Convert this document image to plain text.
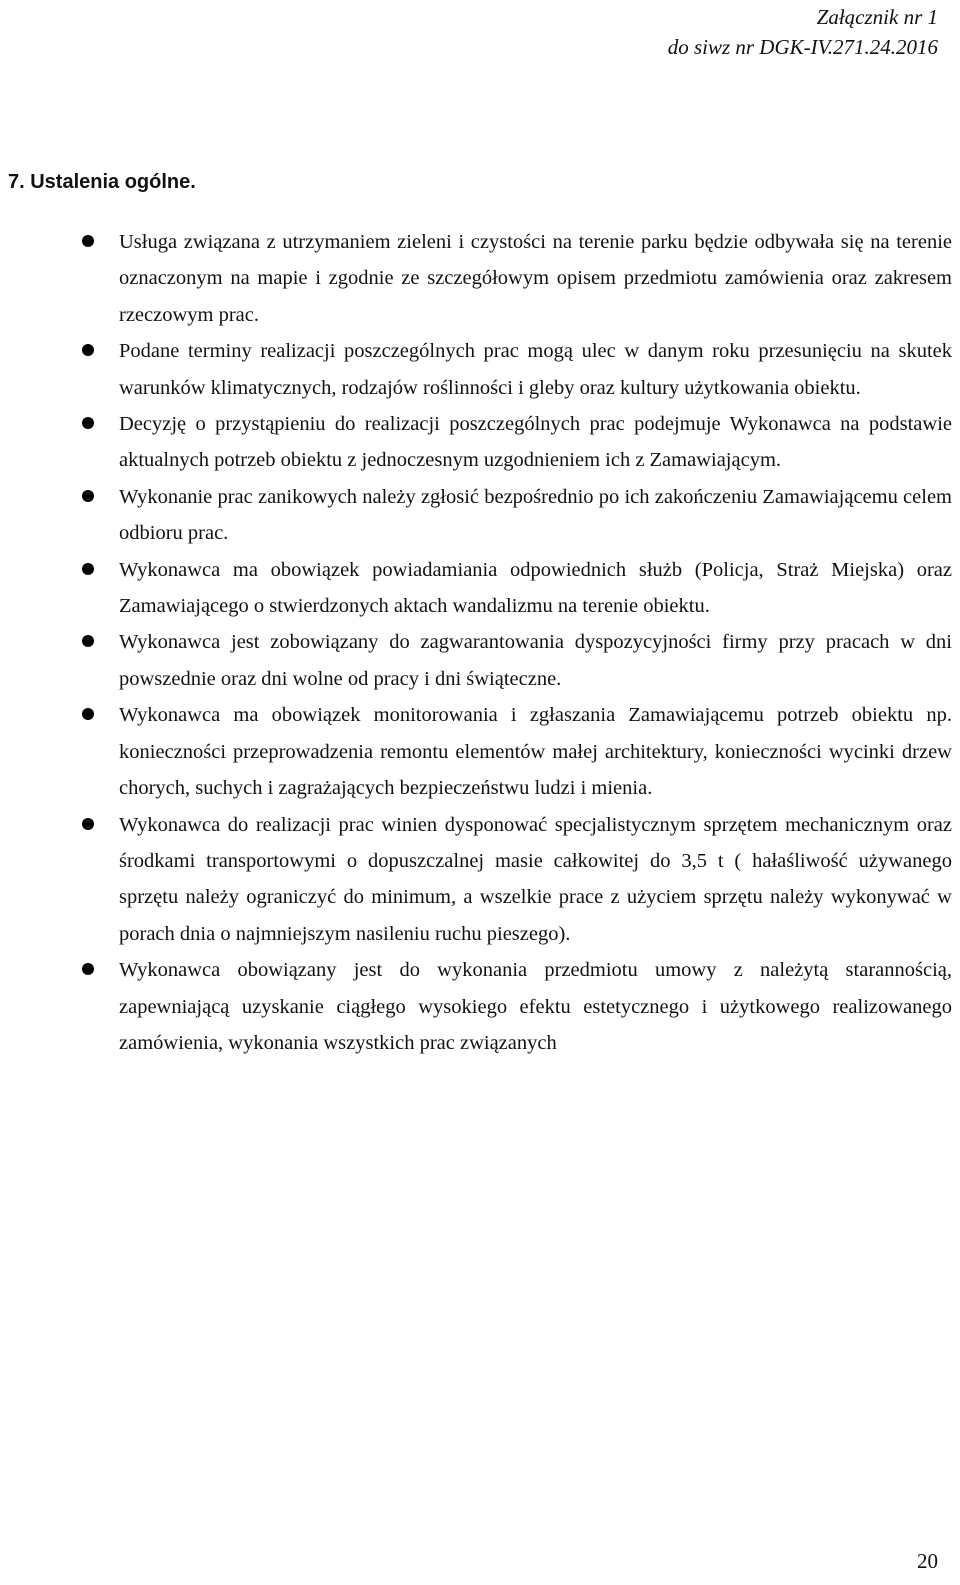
Załącznik nr 1
do siwz nr DGK-IV.271.24.2016
7. Ustalenia ogólne.
Usługa związana z utrzymaniem zieleni i czystości na terenie parku będzie odbywała się na terenie oznaczonym na mapie i zgodnie ze szczegółowym opisem przedmiotu zamówienia oraz zakresem rzeczowym prac.
Podane terminy realizacji poszczególnych prac mogą ulec w danym roku przesunięciu na skutek warunków klimatycznych, rodzajów roślinności i gleby oraz kultury użytkowania obiektu.
Decyzję o przystąpieniu do realizacji poszczególnych prac podejmuje Wykonawca na podstawie aktualnych potrzeb obiektu z jednoczesnym uzgodnieniem ich z Zamawiającym.
Wykonanie prac zanikowych należy zgłosić bezpośrednio po ich zakończeniu Zamawiającemu celem odbioru prac.
Wykonawca ma obowiązek powiadamiania odpowiednich służb (Policja, Straż Miejska) oraz Zamawiającego o stwierdzonych aktach wandalizmu na terenie obiektu.
Wykonawca jest zobowiązany do zagwarantowania dyspozycyjności firmy przy pracach w dni powszednie oraz dni wolne od pracy i dni świąteczne.
Wykonawca ma obowiązek monitorowania i zgłaszania Zamawiającemu potrzeb obiektu np. konieczności przeprowadzenia remontu elementów małej architektury, konieczności wycinki drzew chorych, suchych i zagrażających bezpieczeństwu ludzi i mienia.
Wykonawca do realizacji prac winien dysponować specjalistycznym sprzętem mechanicznym oraz środkami transportowymi o dopuszczalnej masie całkowitej do 3,5 t ( hałaśliwość używanego sprzętu należy ograniczyć do minimum, a wszelkie prace z użyciem sprzętu należy wykonywać w porach dnia o najmniejszym nasileniu ruchu pieszego).
Wykonawca obowiązany jest do wykonania przedmiotu umowy z należytą starannością, zapewniającą uzyskanie ciągłego wysokiego efektu estetycznego i użytkowego realizowanego zamówienia, wykonania wszystkich prac związanych
20
